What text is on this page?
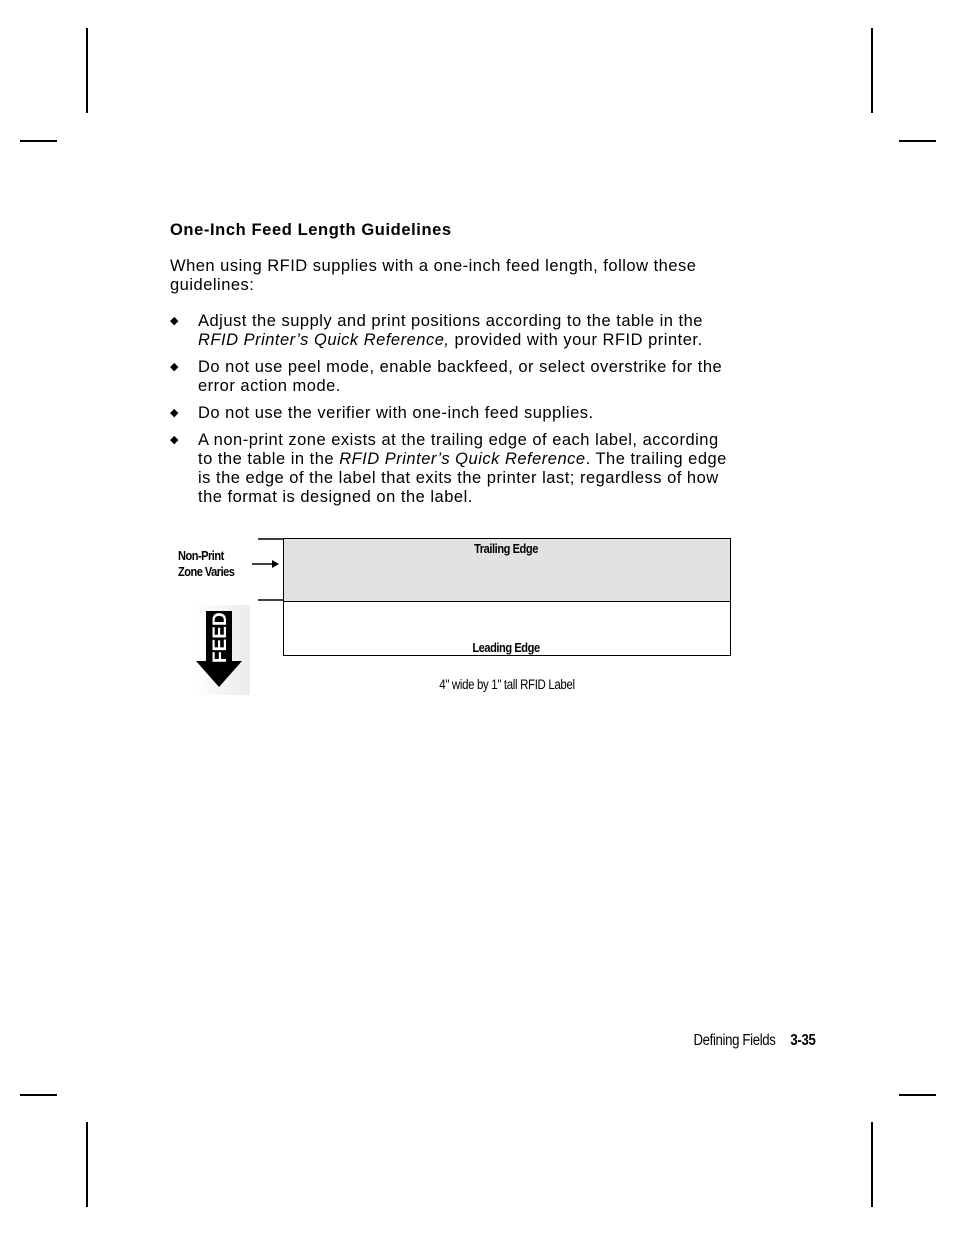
One-Inch Feed Length Guidelines
When using RFID supplies with a one-inch feed length, follow these guidelines:
◆ Adjust the supply and print positions according to the table in the RFID Printer’s Quick Reference, provided with your RFID printer.
◆ Do not use peel mode, enable backfeed, or select overstrike for the error action mode.
◆ Do not use the verifier with one-inch feed supplies.
◆ A non-print zone exists at the trailing edge of each label, according to the table in the RFID Printer’s Quick Reference. The trailing edge is the edge of the label that exits the printer last; regardless of how the format is designed on the label.
Non-Print
Zone Varies
Trailing Edge
Leading Edge
FEED
4" wide by 1" tall RFID Label
Defining Fields 3-35
